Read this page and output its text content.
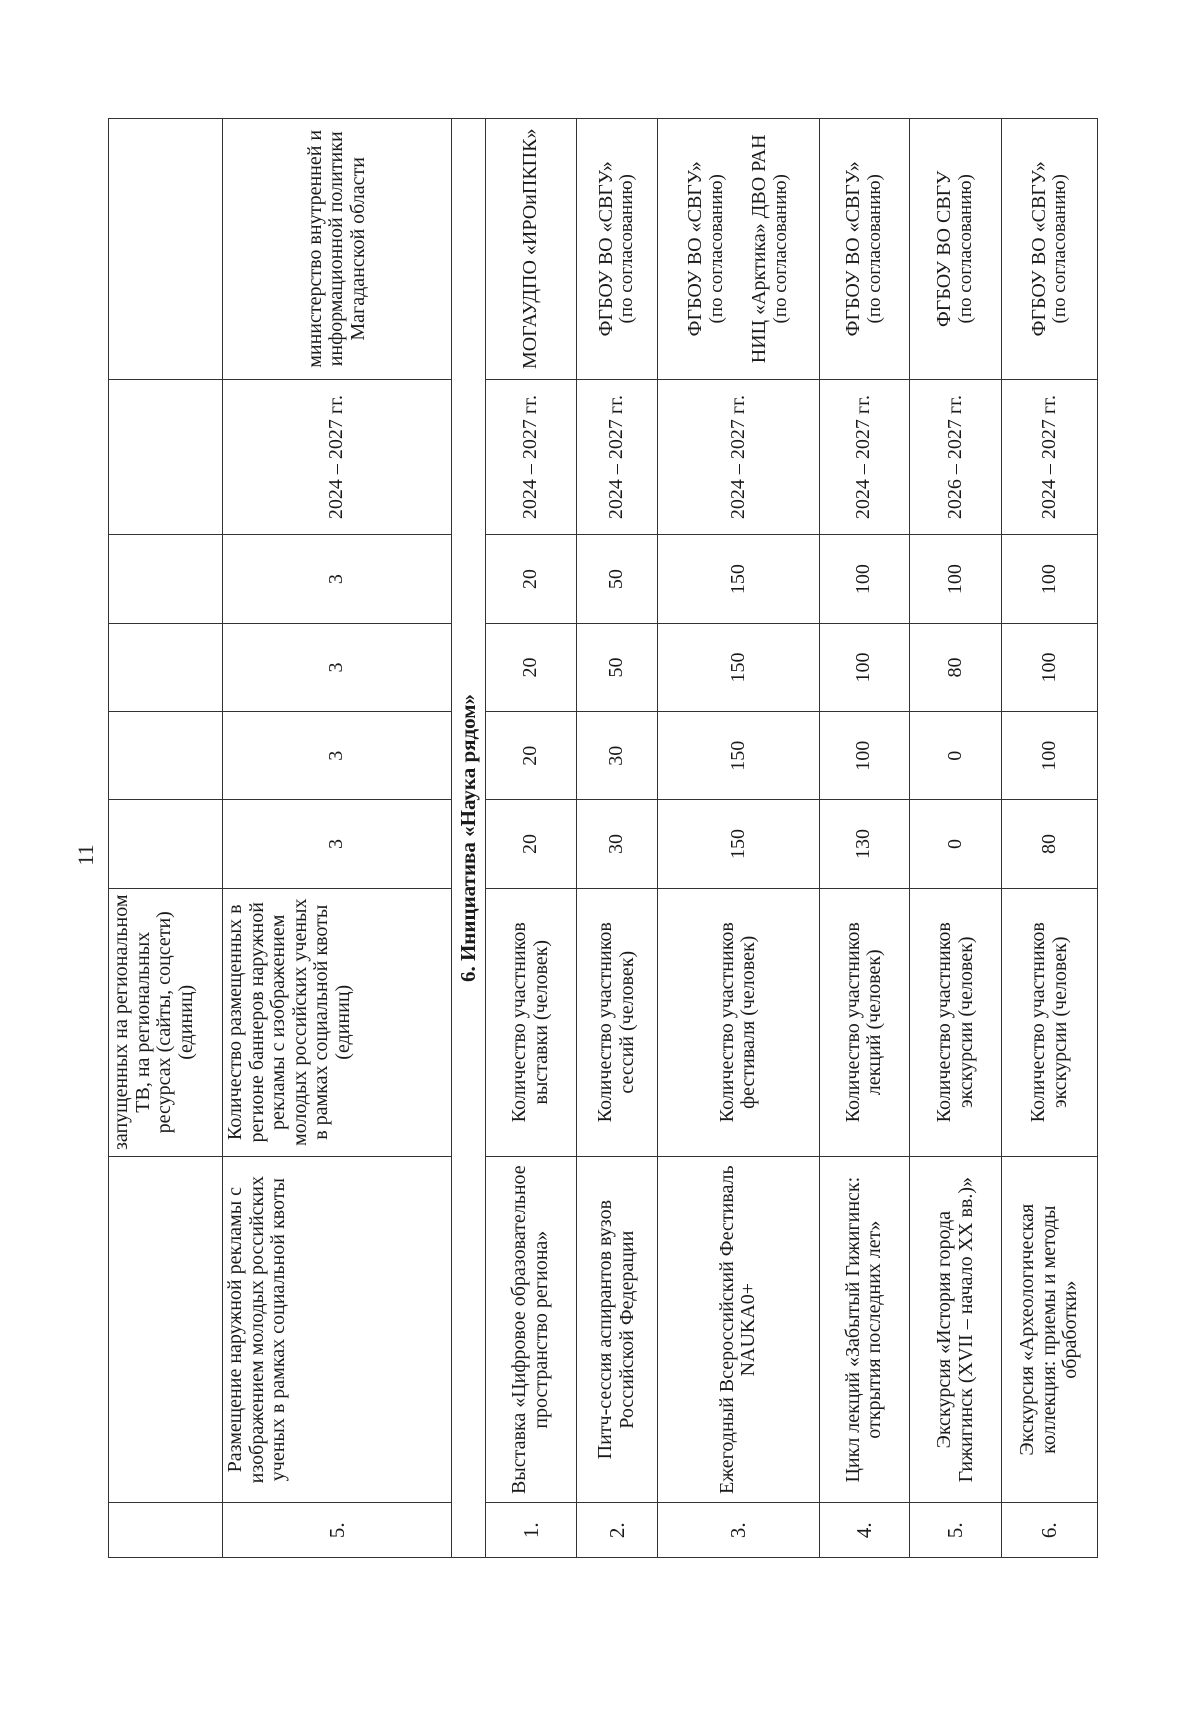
11
		запущенных на региональном ТВ, на региональных ресурсах (сайты, соцсети) (единиц)						
5.	Размещение наружной рекламы с изображением молодых российских ученых в рамках социальной квоты	Количество размещенных в регионе баннеров наружной рекламы с изображением молодых российских ученых в рамках социальной квоты (единиц)	3	3	3	3	2024 – 2027 гг.	министерство внутренней и информационной политики Магаданской области
6. Инициатива «Наука рядом»								
1.	Выставка «Цифровое образовательное пространство региона»	Количество участников выставки (человек)	20	20	20	20	2024 – 2027 гг.	МОГАУДПО «ИРОиПКПК»
2.	Питч-сессия аспирантов вузов Российской Федерации	Количество участников сессий (человек)	30	30	50	50	2024 – 2027 гг.	ФГБОУ ВО «СВГУ» (по согласованию)

3.	Ежегодный Всероссийский Фестиваль NAUKA0+	Количество участников фестиваля (человек)	150	150	150	150	2024 – 2027 гг.	ФГБОУ ВО «СВГУ» (по согласованию) НИЦ «Арктика» ДВО РАН (по согласованию)

4.	Цикл лекций «Забытый Гижигинск: открытия последних лет»	Количество участников лекций (человек)	130	100	100	100	2024 – 2027 гг.	ФГБОУ ВО «СВГУ» (по согласованию)

5.	Экскурсия «История города Гижигинск (XVII – начало XX вв.)»	Количество участников экскурсии (человек)	0	0	80	100	2026 – 2027 гг.	ФГБОУ ВО СВГУ (по согласованию)

6.	Экскурсия «Археологическая коллекция: приемы и методы обработки»	Количество участников экскурсии (человек)	80	100	100	100	2024 – 2027 гг.	ФГБОУ ВО «СВГУ» (по согласованию)
